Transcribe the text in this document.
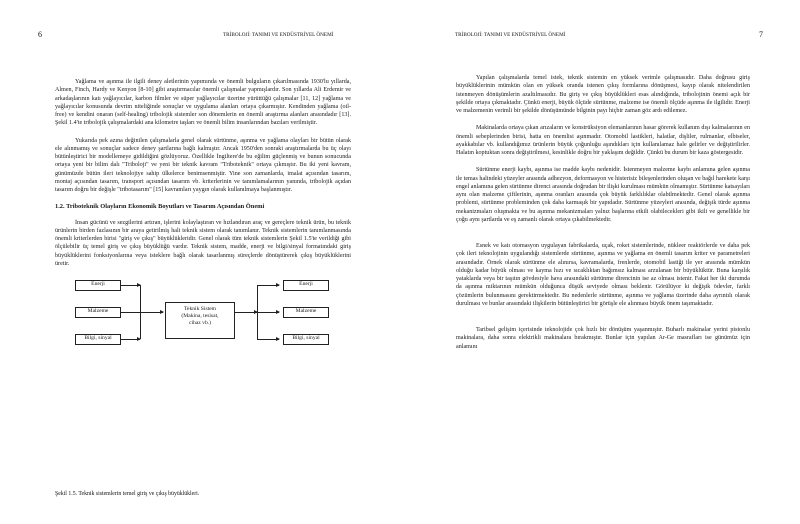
6	TRİBOLOJİ: TANIMI VE ENDÜSTRİYEL ÖNEMİ

Yağlama ve aşınma ile ilgili deney aletlerinin yapımında ve önemli bulguların çıkarılmasında 1930'lu yıllarda, Almen, Finch, Hardy ve Kenyon [8-10] gibi araştırmacılar önemli çalışmalar yapmışlardır. Son yıllarda Ali Erdemir ve arkadaşlarının katı yağlayıcılar, karbon filmler ve süper yağlayıcılar üzerine yürüttüğü çalışmalar [11, 12] yağlama ve yağlayıcılar konusunda devrim niteliğinde sonuçlar ve uygulama alanları ortaya çıkarmıştır. Kendinden yağlama (oil-free) ve kendini onaran (self-healing) tribolojik sistemler son dönemlerin en önemli araştırma alanları arasındadır [13]. Şekil 1.4'te tribolojik çalışmalardaki ana kilometre taşları ve önemli bilim insanlarından bazıları verilmiştir.

Yukarıda pek azına değinilen çalışmalarla genel olarak sürtünme, aşınma ve yağlama olayları bir bütün olarak ele alınmamış ve sonuçlar sadece deney şartlarına bağlı kalmıştır. Ancak 1950'den sonraki araştırmalarda bu üç olayı bütünleştirici bir modellemeye gidildiğini gözlüyoruz. Özellikle İngiltere'de bu eğilim güçlenmiş ve bunun sonucunda ortaya yeni bir bilim dalı "Triboloji" ve yeni bir teknik kavram "Triboteknik" ortaya çıkmıştır. Bu iki yeni kavram, günümüzde bütün ileri teknolojiye sahip ülkelerce benimsenmiştir. Yine son zamanlarda, imalat açısından tasarım, montaj açısından tasarım, transport açısından tasarım vb. kriterlerinin ve tanımlamalarının yanında, tribolojik açıdan tasarım doğru bir değişle "tribotasarım" [15] kavramları yaygın olarak kullanılmaya başlanmıştır.

1.2. Triboteknik Olayların Ekonomik Boyutları ve Tasarım Açısından Önemi

İnsan gücünü ve sezgilerini artıran, işlerini kolaylaştıran ve hızlandıran araç ve gereçlere teknik ürün, bu teknik ürünlerin birden fazlasının bir araya getirilmiş hali teknik sistem olarak tanımlanır. Teknik sistemlerin tanımlanmasında önemli kriterlerden birisi "giriş ve çıkış" büyüklükleridir. Genel olarak tüm teknik sistemlerin Şekil 1.5'te verildiği gibi ölçülebilir üç temel giriş ve çıkış büyüklüğü vardır. Teknik sistem, madde, enerji ve bilgi/sinyal formatındaki giriş büyüklüklerini fonksiyonlarına veya isteklere bağlı olarak tasarlanmış süreçlerde dönüştürerek çıkış büyüklüklerini üretir.

Enerji
Malzeme
Bilgi, sinyal
Teknik Sistem
(Makina, tesisat,
cihaz vb.)
Enerji
Malzeme
Bilgi, sinyal
Şekil 1.5. Teknik sistemlerin temel giriş ve çıkış büyüklükleri.
TRİBOLOJİ: TANIMI VE ENDÜSTRİYEL ÖNEMİ	7

Yapılan çalışmalarda temel istek, teknik sistemin en yüksek verimle çalışmasıdır. Daha doğrusu giriş büyüklüklerinin mümkün olan en yüksek oranda istenen çıkış formlarına dönüşmesi, kayıp olarak nitelendirilen istenmeyen dönüşümlerin azaltılmasıdır. Bu giriş ve çıkış büyüklükleri esas alındığında, tribolojinin önemi açık bir şekilde ortaya çıkmaktadır. Çünkü enerji, büyük ölçüde sürtünme, malzeme ise önemli ölçüde aşınma ile ilgilidir. Enerji ve malzemenin verimli bir şekilde dönüşümünde bilginin payı hiçbir zaman göz ardı edilemez.

Makinalarda ortaya çıkan arızaların ve konstrüksiyon elemanlarının hasar görerek kullanım dışı kalmalarının en önemli sebeplerinden birisi, hatta en önemlisi aşınmadır. Otomobil lastikleri, halatlar, dişliler, rulmanlar, elbiseler, ayakkabılar vb. kullandığımız ürünlerin büyük çoğunluğu aşındıkları için kullanılamaz hale gelirler ve değiştirilirler. Halatın koptuktan sonra değiştirilmesi, kesinlikle doğru bir yaklaşım değildir. Çünkü bu durum bir kaza göstergesidir.

Sürtünme enerji kaybı, aşınma ise madde kaybı nedenidir. İstenmeyen malzeme kaybı anlamına gelen aşınma ile temas halindeki yüzeyler arasında adhezyon, deformasyon ve histerisiz bileşenlerinden oluşan ve bağıl harekete karşı engel anlamına gelen sürtünme direnci arasında doğrudan bir ilişki kurulması mümkün olmamıştır. Sürtünme katsayıları aynı olan malzeme çiftlerinin, aşınma oranları arasında çok büyük farklılıklar olabilmektedir. Genel olarak aşınma problemi, sürtünme probleminden çok daha karmaşık bir yapıdadır. Sürtünme yüzeyleri arasında, değişik türde aşınma mekanizmaları oluşmakta ve bu aşınma mekanizmaları yalnız başlarına etkili olabilecekleri gibi ikili ve genellikle bir çoğu aynı şartlarda ve eş zamanlı olarak ortaya çıkabilmektedir.

Esnek ve katı otomasyon uygulayan fabrikalarda, uçak, roket sistemlerinde, nükleer reaktörlerde ve daha pek çok ileri teknolojinin uygulandığı sistemlerde sürtünme, aşınma ve yağlama en önemli tasarım kriter ve parametreleri arasındadır. Örnek olarak sürtünme ele alınırsa, kavramalarda, frenlerde, otomobil lastiği ile yer arasında mümkün olduğu kadar büyük olması ve kayma hızı ve sıcaklıktan bağımsız kalması arzulanan bir büyüklüktür. Buna karşılık yataklarda veya bir taşıtın gövdesiyle hava arasındaki sürtünme direncinin ise az olması istenir. Fakat her iki durumda da aşınma miktarının mümkün olduğunca düşük seviyede olması beklenir. Görülüyor ki değişik ödevler, farklı çözümlerin bulunmasını gerektirmektedir. Bu nedenlerle sürtünme, aşınma ve yağlama üzerinde daha ayrıntılı olarak durulması ve bunlar arasındaki ilişkilerin bütünleştirici bir görüşle ele alınması büyük önem taşımaktadır.

Taribsel gelişim içerisinde teknolojide çok hızlı bir dönüşüm yaşanmıştır. Buharlı makinalar yerini pistonlu makinalara, daha sonra elektrikli makinalara bırakmıştır. Bunlar için yapılan Ar-Ge masrafları ise günümüz için anlamını
